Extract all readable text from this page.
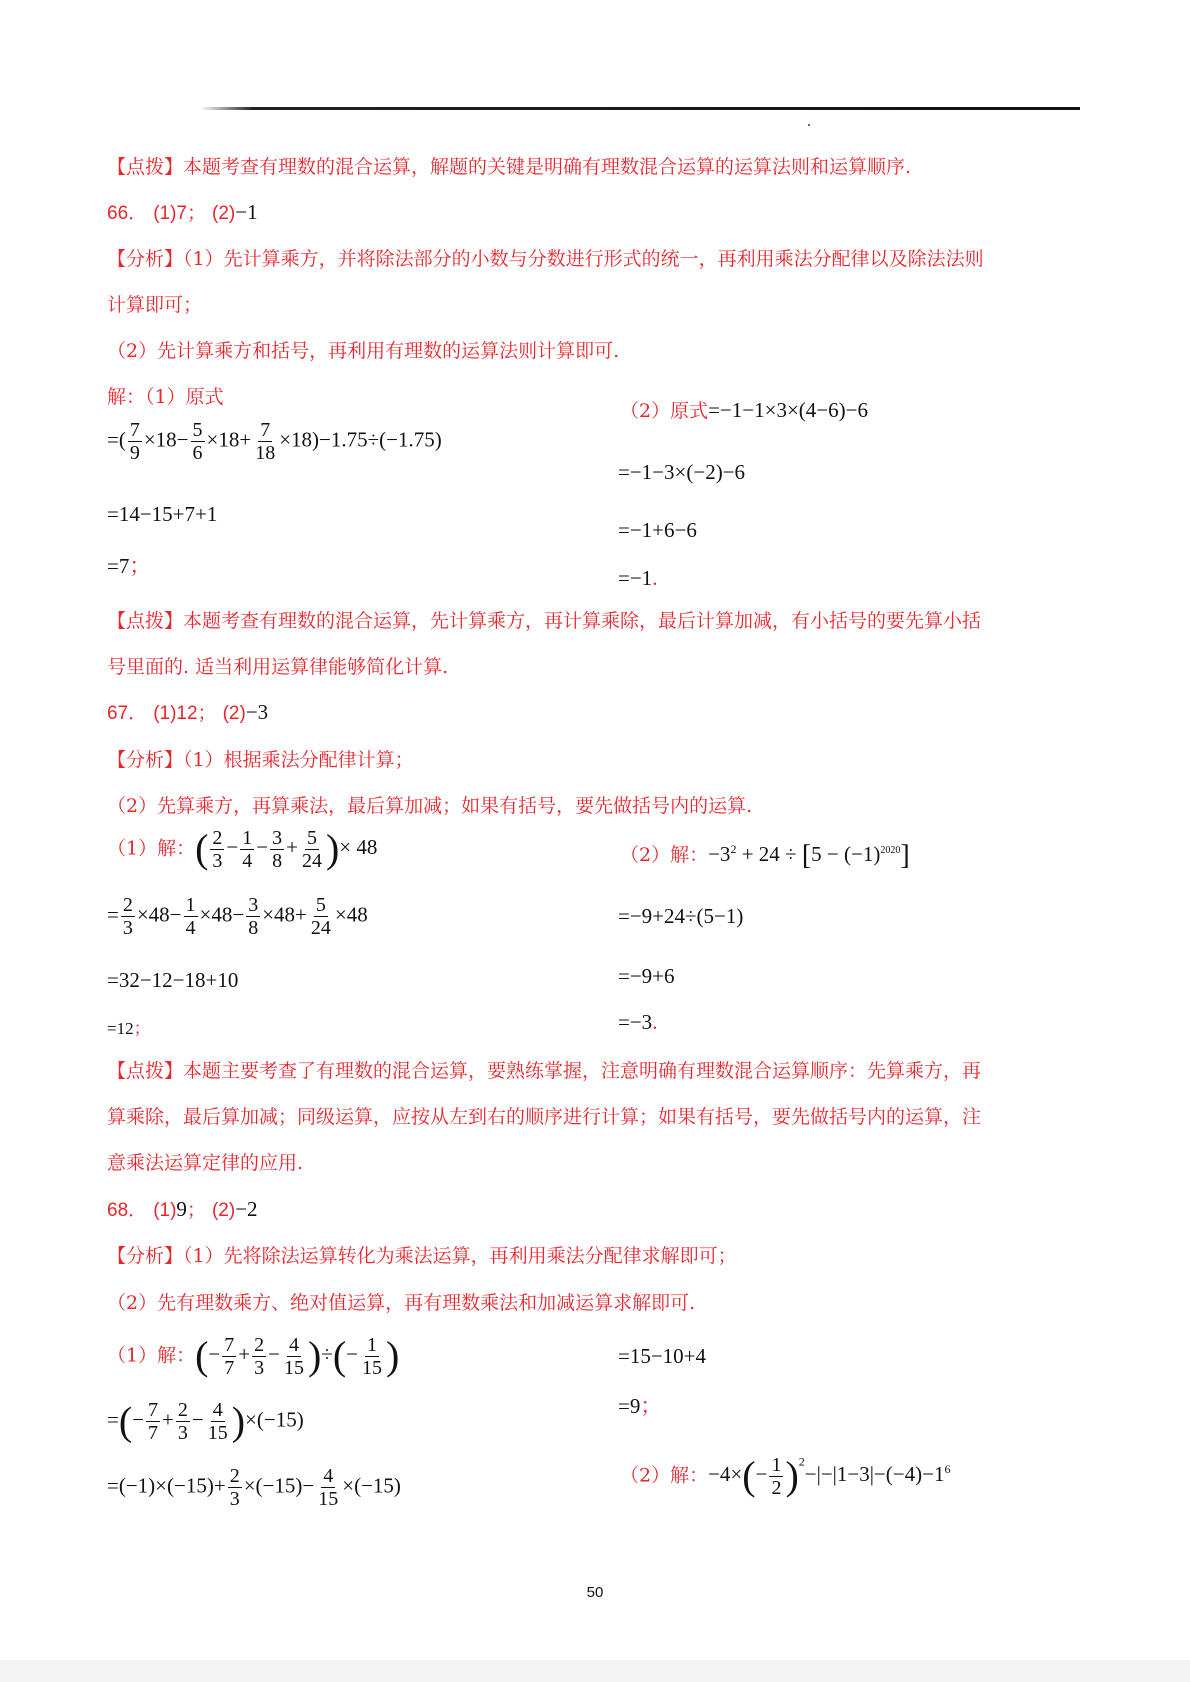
【点拨】本题考查有理数的混合运算，解题的关键是明确有理数混合运算的运算法则和运算顺序.
66． (1)7； (2)−1
【分析】（1）先计算乘方，并将除法部分的小数与分数进行形式的统一，再利用乘法分配律以及除法法则
计算即可；
（2）先计算乘方和括号，再利用有理数的运算法则计算即可.
解：（1）原式
=( $\frac{7}{9} \times 18- \frac{5}{6} \times 18+ \frac{7}{18} \times 18)-1.75\div(-1.75)$
=14−15+7+1
=7；
（2）原式=−1−1×3×(4−6)−6
=−1−3×(−2)−6
=−1+6−6
=−1.
【点拨】本题考查有理数的混合运算，先计算乘方，再计算乘除，最后计算加减，有小括号的要先算小括
号里面的. 适当利用运算律能够简化计算.
67． (1)12； (2)−3
【分析】（1）根据乘法分配律计算；
（2）先算乘方，再算乘法，最后算加减；如果有括号，要先做括号内的运算.
（1）解：( $\frac{2}{3} - \frac{1}{4} - \frac{3}{8} + \frac{5}{24}$ )× 48
= $\frac{2}{3} \times 48- \frac{1}{4} \times 48- \frac{3}{8} \times 48+ \frac{5}{24} \times 48$
=32−12−18+10
=12；
（2）解：$-3^2 + 24 \div [5 - (-1)^{2020}]$
=−9+24÷(5−1)
=−9+6
=−3.
【点拨】本题主要考查了有理数的混合运算，要熟练掌握，注意明确有理数混合运算顺序：先算乘方，再
算乘除，最后算加减；同级运算，应按从左到右的顺序进行计算；如果有括号，要先做括号内的运算，注
意乘法运算定律的应用.
68． (1)9； (2)−2
【分析】（1）先将除法运算转化为乘法运算，再利用乘法分配律求解即可；
（2）先有理数乘方、绝对值运算，再有理数乘法和加减运算求解即可.
（1）解：(− $\frac{7}{7} + \frac{2}{3} - \frac{4}{15}$ )÷(− $\frac{1}{15}$ )
=(− $\frac{7}{7} + \frac{2}{3} - \frac{4}{15} )\times(-15)$
$=(-1)\times(-15)+ \frac{2}{3} \times(-15)- \frac{4}{15} \times(-15)$
=15−10+4
=9；
（2）解：$-4\times(- \frac{1}{2} )^2-|-|1-3|-(-4)-1^6$
50
